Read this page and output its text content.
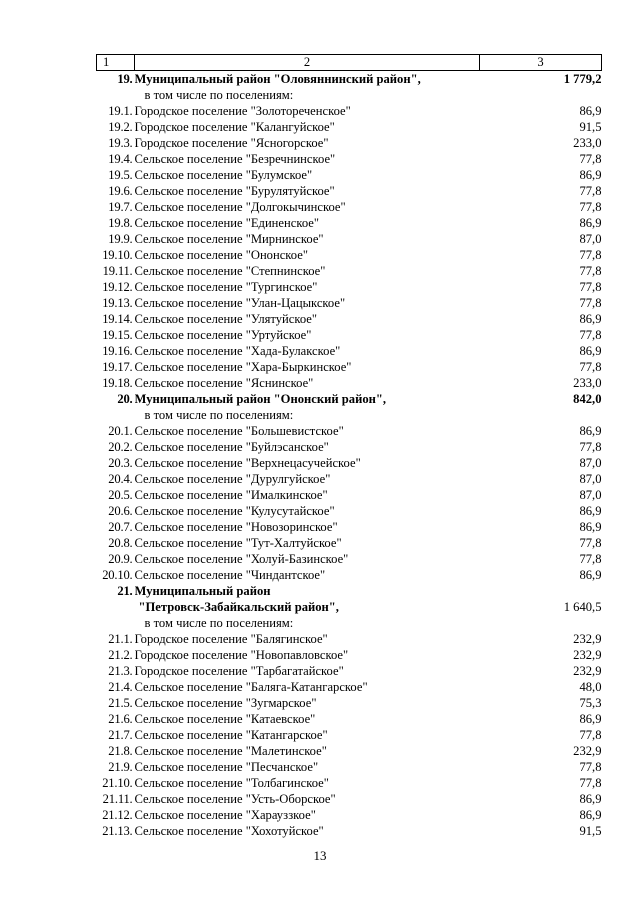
1	2	3
19.	Муниципальный район "Оловяннинский район",	1 779,2
	в том числе по поселениям:	
19.1.	Городское поселение "Золотореченское"	86,9
19.2.	Городское поселение "Калангуйское"	91,5
19.3.	Городское поселение "Ясногорское"	233,0
19.4.	Сельское поселение "Безречнинское"	77,8
19.5.	Сельское поселение "Булумское"	86,9
19.6.	Сельское поселение "Бурулятуйское"	77,8
19.7.	Сельское поселение "Долгокычинское"	77,8
19.8.	Сельское поселение "Единенское"	86,9
19.9.	Сельское поселение "Мирнинское"	87,0
19.10.	Сельское поселение "Ононское"	77,8
19.11.	Сельское поселение "Степнинское"	77,8
19.12.	Сельское поселение "Тургинское"	77,8
19.13.	Сельское поселение "Улан-Цацыкское"	77,8
19.14.	Сельское поселение "Улятуйское"	86,9
19.15.	Сельское поселение "Уртуйское"	77,8
19.16.	Сельское поселение "Хада-Булакское"	86,9
19.17.	Сельское поселение "Хара-Быркинское"	77,8
19.18.	Сельское поселение "Яснинское"	233,0
20.	Муниципальный район "Ононский район",	842,0
	в том числе по поселениям:	
20.1.	Сельское поселение "Большевистское"	86,9
20.2.	Сельское поселение "Буйлэсанское"	77,8
20.3.	Сельское поселение "Верхнецасучейское"	87,0
20.4.	Сельское поселение "Дурулгуйское"	87,0
20.5.	Сельское поселение "Ималкинское"	87,0
20.6.	Сельское поселение "Кулусутайское"	86,9
20.7.	Сельское поселение "Новозоринское"	86,9
20.8.	Сельское поселение "Тут-Халтуйское"	77,8
20.9.	Сельское поселение "Холуй-Базинское"	77,8
20.10.	Сельское поселение "Чиндантское"	86,9
21.	Муниципальный район	
	"Петровск-Забайкальский район",	1 640,5
	в том числе по поселениям:	
21.1.	Городское поселение "Балягинское"	232,9
21.2.	Городское поселение "Новопавловское"	232,9
21.3.	Городское поселение "Тарбагатайское"	232,9
21.4.	Сельское поселение "Баляга-Катангарское"	48,0
21.5.	Сельское поселение "Зугмарское"	75,3
21.6.	Сельское поселение "Катаевское"	86,9
21.7.	Сельское поселение "Катангарское"	77,8
21.8.	Сельское поселение "Малетинское"	232,9
21.9.	Сельское поселение "Песчанское"	77,8
21.10.	Сельское поселение "Толбагинское"	77,8
21.11.	Сельское поселение "Усть-Оборское"	86,9
21.12.	Сельское поселение "Харауззкое"	86,9
21.13.	Сельское поселение "Хохотуйское"	91,5
13
